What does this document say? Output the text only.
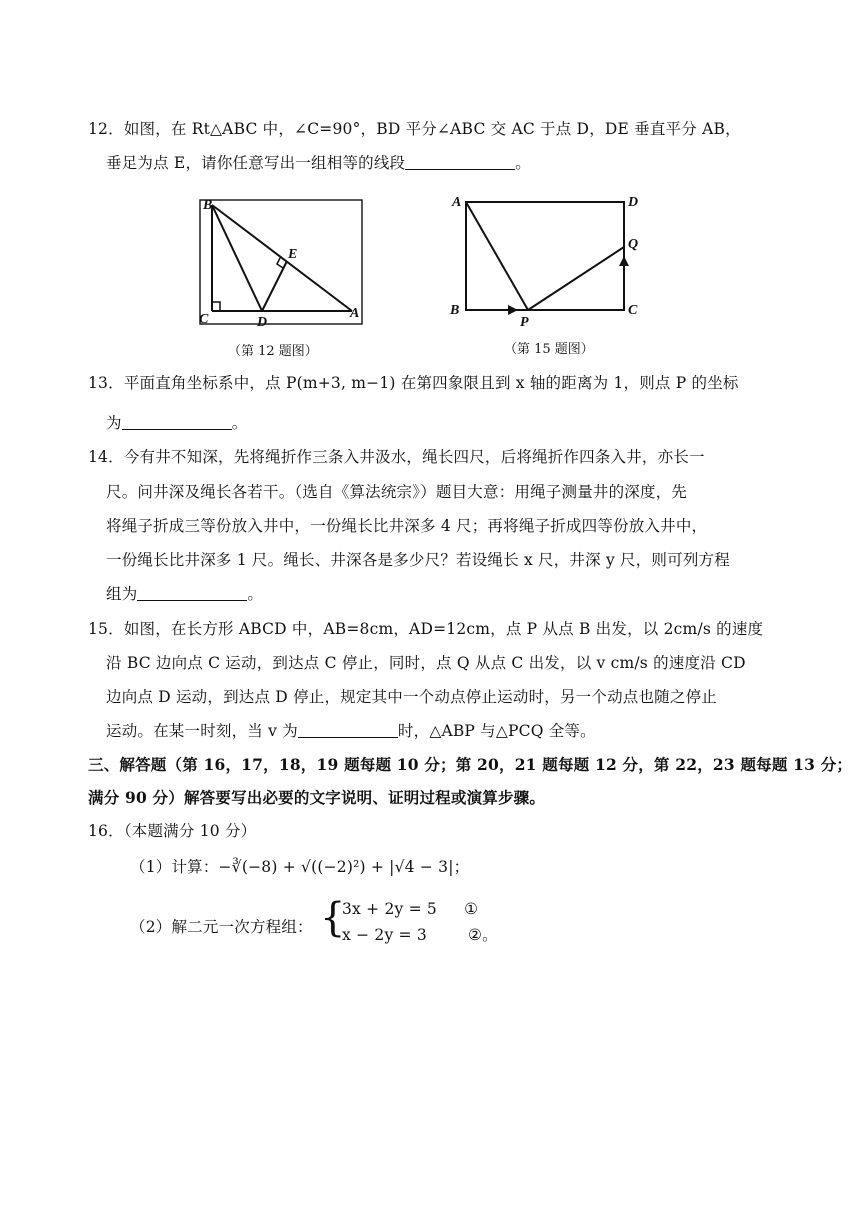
12．如图，在 Rt△ABC 中，∠C=90°，BD 平分∠ABC 交 AC 于点 D，DE 垂直平分 AB，
垂足为点 E，请你任意写出一组相等的线段	。
B
E
C	D
A
（第 12 题图）
A	D
Q
B
P
C
（第 15 题图）
13．平面直角坐标系中，点 P(m+3, m−1) 在第四象限且到 x 轴的距离为 1，则点 P 的坐标
为	。
14．今有井不知深，先将绳折作三条入井汲水，绳长四尺，后将绳折作四条入井，亦长一
尺。问井深及绳长各若干。（选自《算法统宗》）题目大意：用绳子测量井的深度，先
将绳子折成三等份放入井中，一份绳长比井深多 4 尺；再将绳子折成四等份放入井中，
一份绳长比井深多 1 尺。绳长、井深各是多少尺？若设绳长 x 尺，井深 y 尺，则可列方程
组为	。
15．如图，在长方形 ABCD 中，AB=8cm，AD=12cm，点 P 从点 B 出发，以 2cm/s 的速度
沿 BC 边向点 C 运动，到达点 C 停止，同时，点 Q 从点 C 出发，以 v cm/s 的速度沿 CD
边向点 D 运动，到达点 D 停止，规定其中一个动点停止运动时，另一个动点也随之停止
运动。在某一时刻，当 v 为	时，△ABP 与△PCQ 全等。
三、解答题（第 16，17，18，19 题每题 10 分；第 20，21 题每题 12 分，第 22，23 题每题 13 分；
满分 90 分）解答要写出必要的文字说明、证明过程或演算步骤。
16．（本题满分 10 分）
（1）计算：−∛(−8) + √((−2)²) + |√4 − 3|；
（2）解二元一次方程组： {
3x + 2y = 5 ①
x − 2y = 3	②。
